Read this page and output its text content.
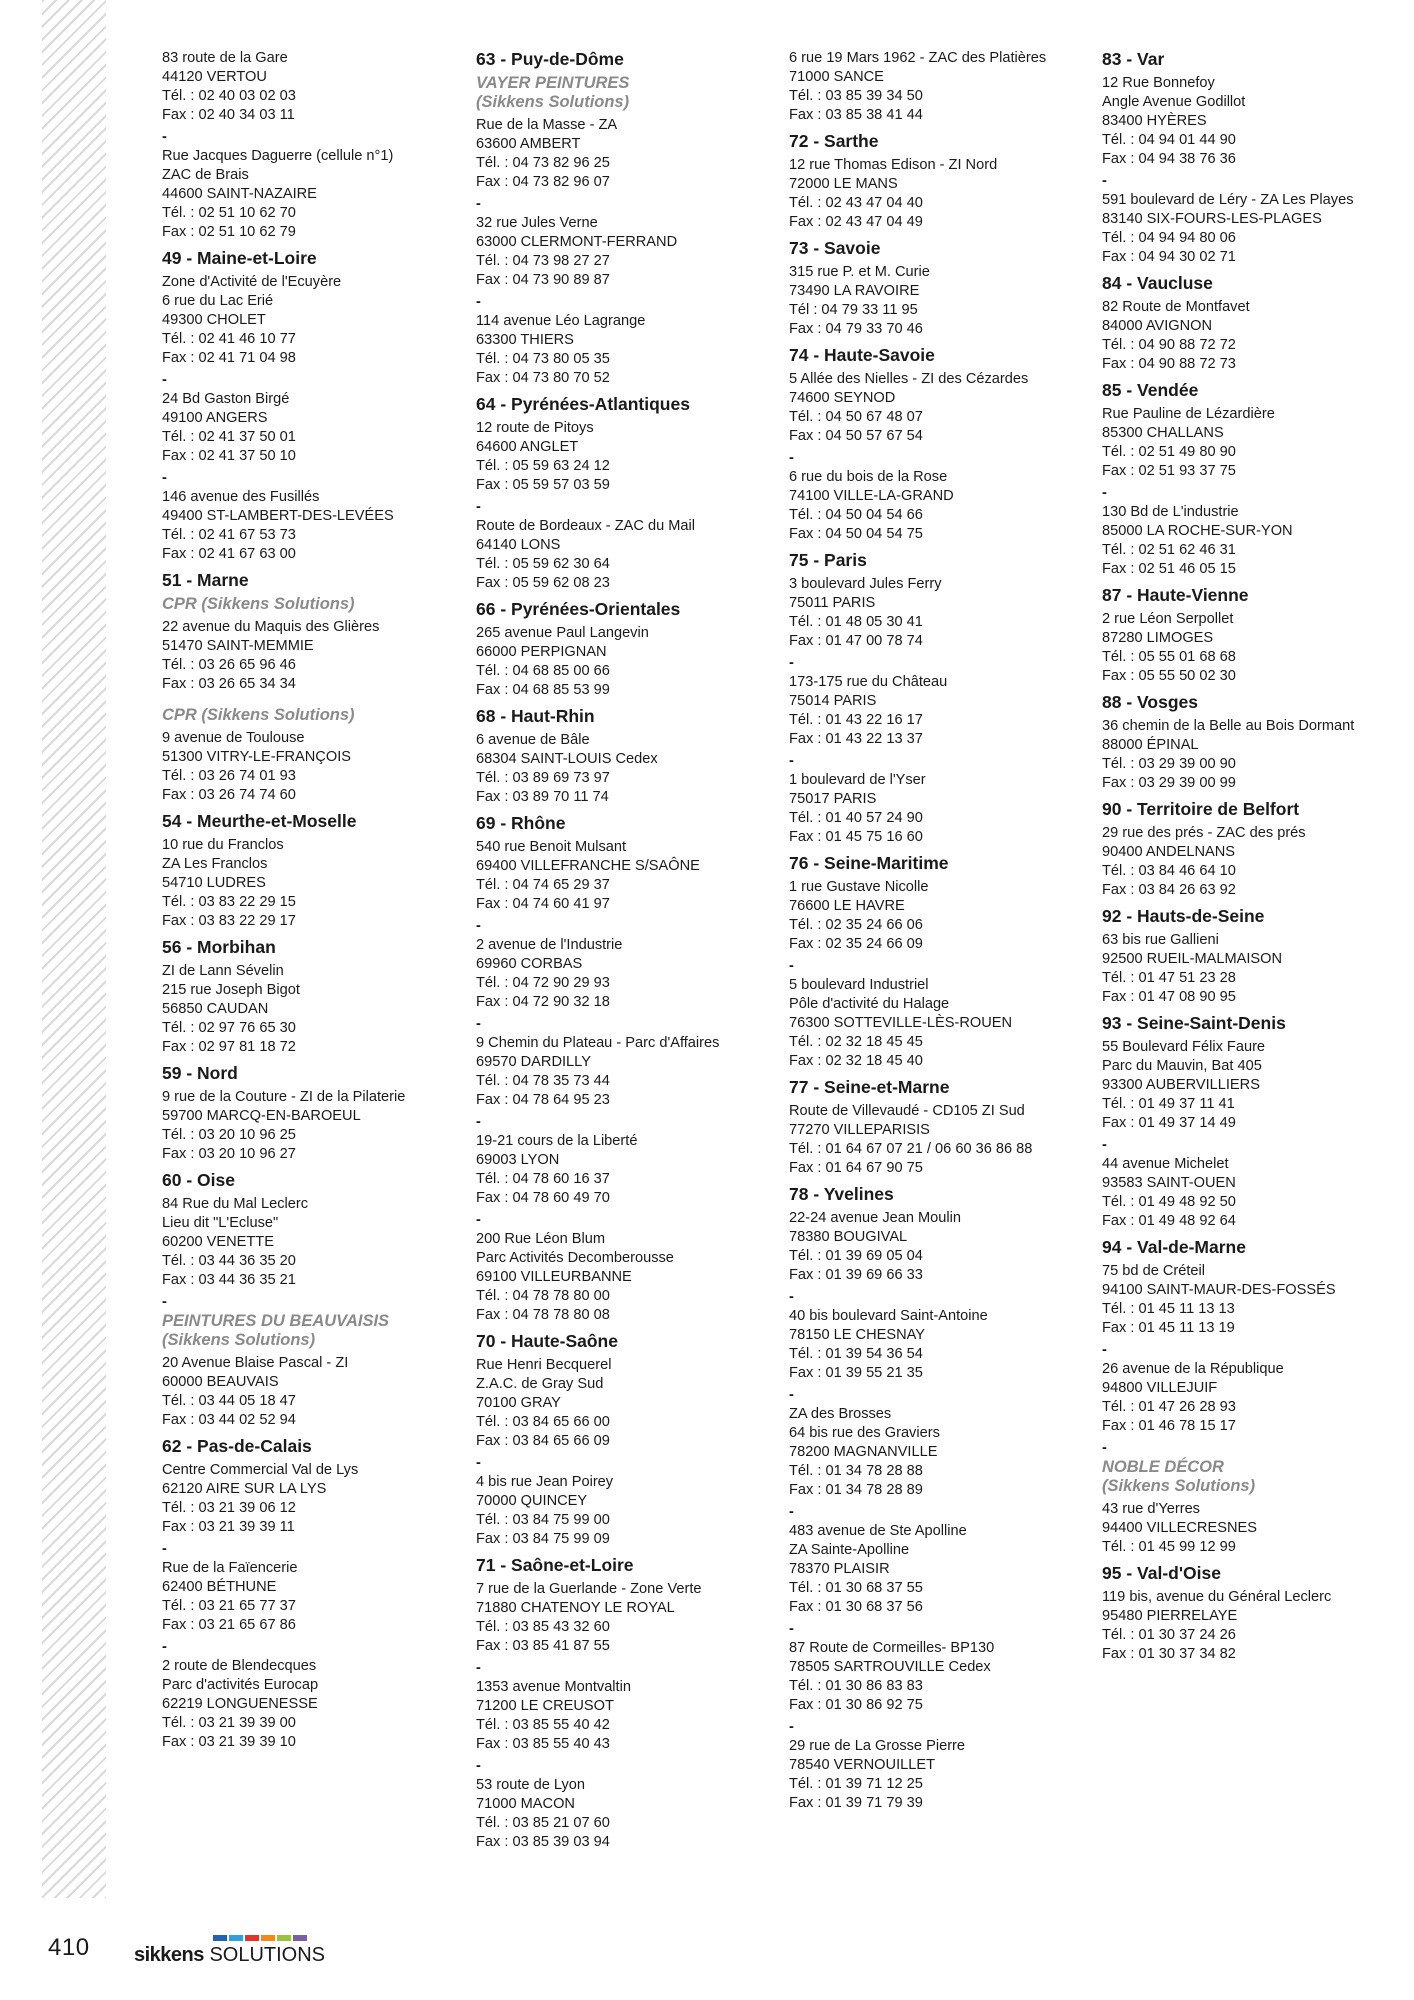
83 route de la Gare
44120 VERTOU
Tél. : 02 40 03 02 03
Fax : 02 40 34 03 11
-
Rue Jacques Daguerre (cellule n°1)
ZAC de Brais
44600 SAINT-NAZAIRE
Tél. : 02 51 10 62 70
Fax : 02 51 10 62 79
49 - Maine-et-Loire
Zone d'Activité de l'Ecuyère
6 rue du Lac Erié
49300 CHOLET
Tél. : 02 41 46 10 77
Fax : 02 41 71 04 98
-
24 Bd Gaston Birgé
49100 ANGERS
Tél. : 02 41 37 50 01
Fax : 02 41 37 50 10
-
146 avenue des Fusillés
49400 ST-LAMBERT-DES-LEVÉES
Tél. : 02 41 67 53 73
Fax : 02 41 67 63 00
51 - Marne
CPR (Sikkens Solutions)
22 avenue du Maquis des Glières
51470 SAINT-MEMMIE
Tél. : 03 26 65 96 46
Fax : 03 26 65 34 34
CPR (Sikkens Solutions)
9 avenue de Toulouse
51300 VITRY-LE-FRANÇOIS
Tél. : 03 26 74 01 93
Fax : 03 26 74 74 60
54 - Meurthe-et-Moselle
10 rue du Franclos
ZA Les Franclos
54710 LUDRES
Tél. : 03 83 22 29 15
Fax : 03 83 22 29 17
56 - Morbihan
ZI de Lann Sévelin
215 rue Joseph Bigot
56850 CAUDAN
Tél. : 02 97 76 65 30
Fax : 02 97 81 18 72
59 - Nord
9 rue de la Couture - ZI de la Pilaterie
59700 MARCQ-EN-BAROEUL
Tél. : 03 20 10 96 25
Fax : 03 20 10 96 27
60 - Oise
84 Rue du Mal Leclerc
Lieu dit "L'Ecluse"
60200 VENETTE
Tél. : 03 44 36 35 20
Fax : 03 44 36 35 21
-
PEINTURES DU BEAUVAISIS
(Sikkens Solutions)
20 Avenue Blaise Pascal - ZI
60000 BEAUVAIS
Tél. : 03 44 05 18 47
Fax : 03 44 02 52 94
62 - Pas-de-Calais
Centre Commercial Val de Lys
62120 AIRE SUR LA LYS
Tél. : 03 21 39 06 12
Fax : 03 21 39 39 11
-
Rue de la Faïencerie
62400 BÉTHUNE
Tél. : 03 21 65 77 37
Fax : 03 21 65 67 86
-
2 route de Blendecques
Parc d'activités Eurocap
62219 LONGUENESSE
Tél. : 03 21 39 39 00
Fax : 03 21 39 39 10
63 - Puy-de-Dôme
VAYER PEINTURES
(Sikkens Solutions)
Rue de la Masse - ZA
63600 AMBERT
Tél. : 04 73 82 96 25
Fax : 04 73 82 96 07
-
32 rue Jules Verne
63000 CLERMONT-FERRAND
Tél. : 04 73 98 27 27
Fax : 04 73 90 89 87
-
114 avenue Léo Lagrange
63300 THIERS
Tél. : 04 73 80 05 35
Fax : 04 73 80 70 52
64 - Pyrénées-Atlantiques
12 route de Pitoys
64600 ANGLET
Tél. : 05 59 63 24 12
Fax : 05 59 57 03 59
-
Route de Bordeaux - ZAC du Mail
64140 LONS
Tél. : 05 59 62 30 64
Fax : 05 59 62 08 23
66 - Pyrénées-Orientales
265 avenue Paul Langevin
66000 PERPIGNAN
Tél. : 04 68 85 00 66
Fax : 04 68 85 53 99
68 - Haut-Rhin
6 avenue de Bâle
68304 SAINT-LOUIS Cedex
Tél. : 03 89 69 73 97
Fax : 03 89 70 11 74
69 - Rhône
540 rue Benoit Mulsant
69400 VILLEFRANCHE S/SAÔNE
Tél. : 04 74 65 29 37
Fax : 04 74 60 41 97
-
2 avenue de l'Industrie
69960 CORBAS
Tél. : 04 72 90 29 93
Fax : 04 72 90 32 18
-
9 Chemin du Plateau - Parc d'Affaires
69570 DARDILLY
Tél. : 04 78 35 73 44
Fax : 04 78 64 95 23
-
19-21 cours de la Liberté
69003 LYON
Tél. : 04 78 60 16 37
Fax : 04 78 60 49 70
-
200 Rue Léon Blum
Parc Activités Decomberousse
69100 VILLEURBANNE
Tél. : 04 78 78 80 00
Fax : 04 78 78 80 08
70 - Haute-Saône
Rue Henri Becquerel
Z.A.C. de Gray Sud
70100 GRAY
Tél. : 03 84 65 66 00
Fax : 03 84 65 66 09
-
4 bis rue Jean Poirey
70000 QUINCEY
Tél. : 03 84 75 99 00
Fax : 03 84 75 99 09
71 - Saône-et-Loire
7 rue de la Guerlande - Zone Verte
71880 CHATENOY LE ROYAL
Tél. : 03 85 43 32 60
Fax : 03 85 41 87 55
-
1353 avenue Montvaltin
71200 LE CREUSOT
Tél. : 03 85 55 40 42
Fax : 03 85 55 40 43
-
53 route de Lyon
71000 MACON
Tél. : 03 85 21 07 60
Fax : 03 85 39 03 94
6 rue 19 Mars 1962 - ZAC des Platières
71000 SANCE
Tél. : 03 85 39 34 50
Fax : 03 85 38 41 44
72 - Sarthe
12 rue Thomas Edison - ZI Nord
72000 LE MANS
Tél. : 02 43 47 04 40
Fax : 02 43 47 04 49
73 - Savoie
315 rue P. et M. Curie
73490 LA RAVOIRE
Tél : 04 79 33 11 95
Fax : 04 79 33 70 46
74 - Haute-Savoie
5 Allée des Nielles - ZI des Cézardes
74600 SEYNOD
Tél. : 04 50 67 48 07
Fax : 04 50 57 67 54
-
6 rue du bois de la Rose
74100 VILLE-LA-GRAND
Tél. : 04 50 04 54 66
Fax : 04 50 04 54 75
75 - Paris
3 boulevard Jules Ferry
75011 PARIS
Tél. : 01 48 05 30 41
Fax : 01 47 00 78 74
-
173-175 rue du Château
75014 PARIS
Tél. : 01 43 22 16 17
Fax : 01 43 22 13 37
-
1 boulevard de l'Yser
75017 PARIS
Tél. : 01 40 57 24 90
Fax : 01 45 75 16 60
76 - Seine-Maritime
1 rue Gustave Nicolle
76600 LE HAVRE
Tél. : 02 35 24 66 06
Fax : 02 35 24 66 09
-
5 boulevard Industriel
Pôle d'activité du Halage
76300 SOTTEVILLE-LÈS-ROUEN
Tél. : 02 32 18 45 45
Fax : 02 32 18 45 40
77 - Seine-et-Marne
Route de Villevaudé - CD105 ZI Sud
77270 VILLEPARISIS
Tél. : 01 64 67 07 21 / 06 60 36 86 88
Fax : 01 64 67 90 75
78 - Yvelines
22-24 avenue Jean Moulin
78380 BOUGIVAL
Tél. : 01 39 69 05 04
Fax : 01 39 69 66 33
-
40 bis boulevard Saint-Antoine
78150 LE CHESNAY
Tél. : 01 39 54 36 54
Fax : 01 39 55 21 35
-
ZA des Brosses
64 bis rue des Graviers
78200 MAGNANVILLE
Tél. : 01 34 78 28 88
Fax : 01 34 78 28 89
-
483 avenue de Ste Apolline
ZA Sainte-Apolline
78370 PLAISIR
Tél. : 01 30 68 37 55
Fax : 01 30 68 37 56
-
87 Route de Cormeilles- BP130
78505 SARTROUVILLE Cedex
Tél. : 01 30 86 83 83
Fax : 01 30 86 92 75
-
29 rue de La Grosse Pierre
78540 VERNOUILLET
Tél. : 01 39 71 12 25
Fax : 01 39 71 79 39
83 - Var
12 Rue Bonnefoy
Angle Avenue Godillot
83400 HYÈRES
Tél. : 04 94 01 44 90
Fax : 04 94 38 76 36
-
591 boulevard de Léry - ZA Les Playes
83140 SIX-FOURS-LES-PLAGES
Tél. : 04 94 94 80 06
Fax : 04 94 30 02 71
84 - Vaucluse
82 Route de Montfavet
84000 AVIGNON
Tél. : 04 90 88 72 72
Fax : 04 90 88 72 73
85 - Vendée
Rue Pauline de Lézardière
85300 CHALLANS
Tél. : 02 51 49 80 90
Fax : 02 51 93 37 75
-
130 Bd de L'industrie
85000 LA ROCHE-SUR-YON
Tél. : 02 51 62 46 31
Fax : 02 51 46 05 15
87 - Haute-Vienne
2 rue Léon Serpollet
87280 LIMOGES
Tél. : 05 55 01 68 68
Fax : 05 55 50 02 30
88 - Vosges
36 chemin de la Belle au Bois Dormant
88000 ÉPINAL
Tél. : 03 29 39 00 90
Fax : 03 29 39 00 99
90 - Territoire de Belfort
29 rue des prés - ZAC des prés
90400 ANDELNANS
Tél. : 03 84 46 64 10
Fax : 03 84 26 63 92
92 - Hauts-de-Seine
63 bis rue Gallieni
92500 RUEIL-MALMAISON
Tél. : 01 47 51 23 28
Fax : 01 47 08 90 95
93 - Seine-Saint-Denis
55 Boulevard Félix Faure
Parc du Mauvin, Bat 405
93300 AUBERVILLIERS
Tél. : 01 49 37 11 41
Fax : 01 49 37 14 49
-
44 avenue Michelet
93583 SAINT-OUEN
Tél. : 01 49 48 92 50
Fax : 01 49 48 92 64
94 - Val-de-Marne
75 bd de Créteil
94100 SAINT-MAUR-DES-FOSSÉS
Tél. : 01 45 11 13 13
Fax : 01 45 11 13 19
-
26 avenue de la République
94800 VILLEJUIF
Tél. : 01 47 26 28 93
Fax : 01 46 78 15 17
-
NOBLE DÉCOR
(Sikkens Solutions)
43 rue d'Yerres
94400 VILLECRESNES
Tél. : 01 45 99 12 99
95 - Val-d'Oise
119 bis, avenue du Général Leclerc
95480 PIERRELAYE
Tél. : 01 30 37 24 26
Fax : 01 30 37 34 82
410 sikkens SOLUTIONS
